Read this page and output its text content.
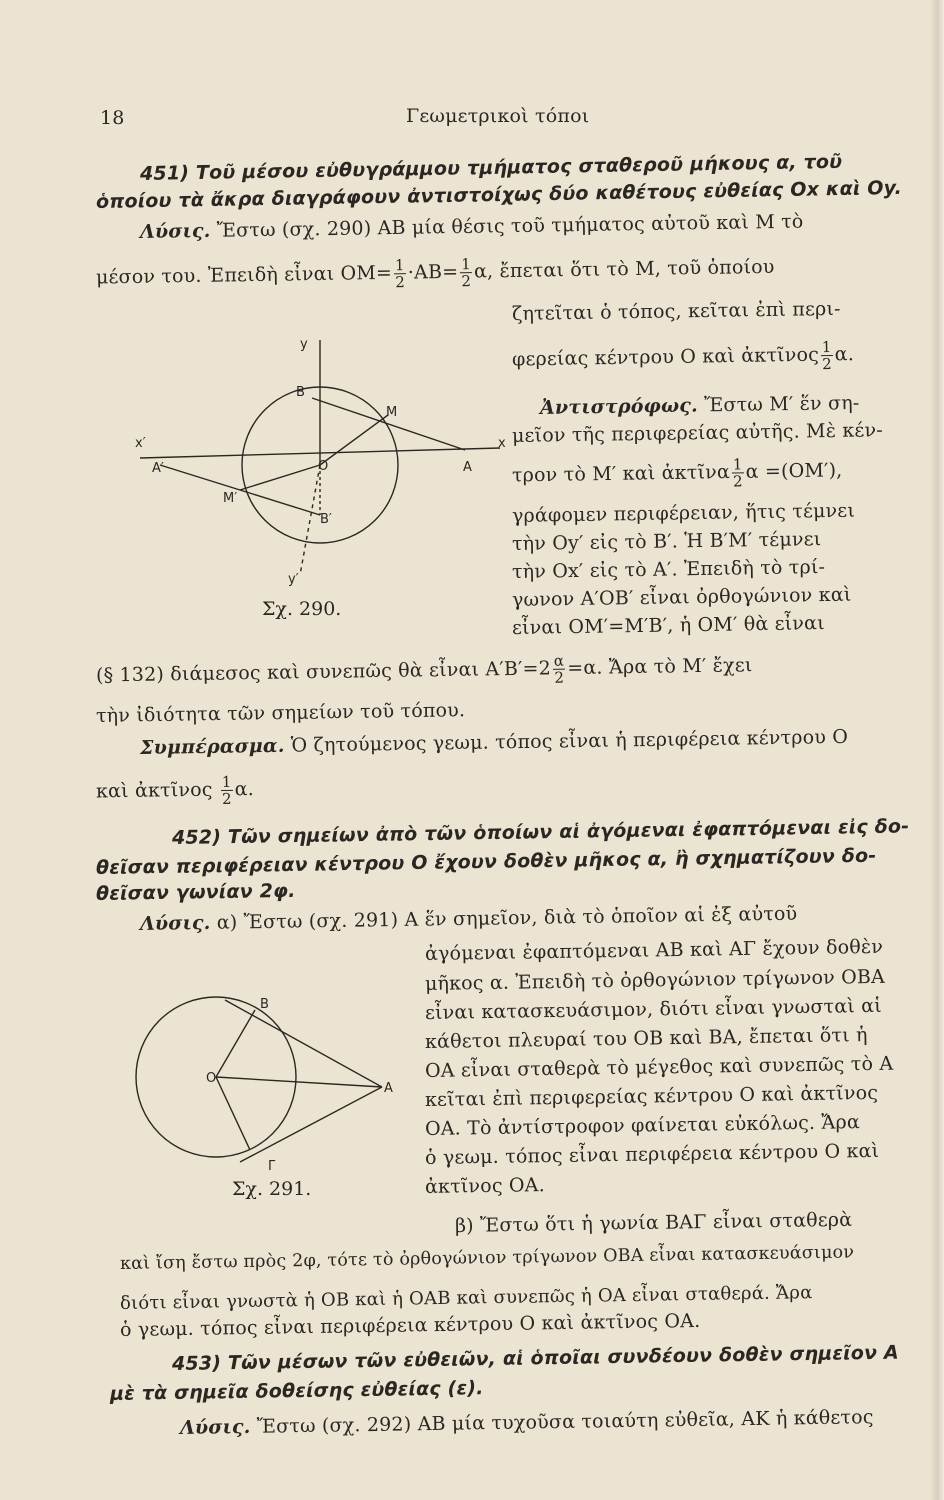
18	Γεωμετρικοὶ τόποι
451) Τοῦ μέσου εὐθυγράμμου τμήματος σταθεροῦ μήκους α, τοῦ
ὁποίου τὰ ἄκρα διαγράφουν ἀντιστοίχως δύο καθέτους εὐθείας Οx καὶ Οy.
Λύσις. Ἔστω (σχ. 290) ΑΒ μία θέσις τοῦ τμήματος αὐτοῦ καὶ Μ τὸ
μέσον του. Ἐπειδὴ εἶναι $OM= \frac{1}{2} \cdot AB= \frac{1}{2} \alpha$, ἔπεται ὅτι τὸ Μ, τοῦ ὁποίου
ζητεῖται ὁ τόπος, κεῖται ἐπὶ περι-
φερείας κέντρου Ο καὶ ἀκτῖνος $\frac{1}{2} \alpha$.
Ἀντιστρόφως. Ἔστω Μ′ ἕν ση-
μεῖον τῆς περιφερείας αὐτῆς. Μὲ κέν-
τρον τὸ Μ′ καὶ ἀκτῖνα $\frac{1}{2}$ α =(ΟΜ′),
γράφομεν περιφέρειαν, ἥτις τέμνει
τὴν Οy′ εἰς τὸ Β′. Ἡ Β′Μ′ τέμνει
τὴν Οx′ εἰς τὸ Α′. Ἐπειδὴ τὸ τρί-
γωνον Α′ΟΒ′ εἶναι ὀρθογώνιον καὶ
εἶναι ΟΜ′=Μ′Β′, ἡ ΟΜ′ θὰ εἶναι
(§ 132) διάμεσος καὶ συνεπῶς θὰ εἶναι $A'B'=2 \frac{\alpha}{2} =\alpha$. Ἄρα τὸ Μ′ ἔχει
τὴν ἰδιότητα τῶν σημείων τοῦ τόπου.
Συμπέρασμα. Ὁ ζητούμενος γεωμ. τόπος εἶναι ἡ περιφέρεια κέντρου Ο
καὶ ἀκτῖνος $\frac{1}{2} \alpha$.
y
B
M
O
x′
A′
x
A
M′
B′
y′
Σχ. 290.
452) Τῶν σημείων ἀπὸ τῶν ὁποίων αἱ ἀγόμεναι ἐφαπτόμεναι εἰς δο-
θεῖσαν περιφέρειαν κέντρου Ο ἔχουν δοθὲν μῆκος α, ἢ σχηματίζουν δο-
θεῖσαν γωνίαν 2φ.
Λύσις. α) Ἔστω (σχ. 291) Α ἕν σημεῖον, διὰ τὸ ὁποῖον αἱ ἐξ αὐτοῦ
ἀγόμεναι ἐφαπτόμεναι ΑΒ καὶ ΑΓ ἔχουν δοθὲν
μῆκος α. Ἐπειδὴ τὸ ὀρθογώνιον τρίγωνον ΟΒΑ
εἶναι κατασκευάσιμον, διότι εἶναι γνωσταὶ αἱ
κάθετοι πλευραί του ΟΒ καὶ ΒΑ, ἔπεται ὅτι ἡ
ΟΑ εἶναι σταθερὰ τὸ μέγεθος καὶ συνεπῶς τὸ Α
κεῖται ἐπὶ περιφερείας κέντρου Ο καὶ ἀκτῖνος
ΟΑ. Τὸ ἀντίστροφον φαίνεται εὐκόλως. Ἄρα
ὁ γεωμ. τόπος εἶναι περιφέρεια κέντρου Ο καὶ
ἀκτῖνος ΟΑ.
β) Ἔστω ὅτι ἡ γωνία ΒΑΓ εἶναι σταθερὰ
καὶ ἴση ἔστω πρὸς 2φ, τότε τὸ ὀρθογώνιον τρίγωνον ΟΒΑ εἶναι κατασκευάσιμον
διότι εἶναι γνωστὰ ἡ ΟΒ καὶ ἡ ΟΑΒ καὶ συνεπῶς ἡ ΟΑ εἶναι σταθερά. Ἄρα
ὁ γεωμ. τόπος εἶναι περιφέρεια κέντρου Ο καὶ ἀκτῖνος ΟΑ.
B
O
A
Γ
Σχ. 291.
453) Τῶν μέσων τῶν εὐθειῶν, αἱ ὁποῖαι συνδέουν δοθὲν σημεῖον Α
μὲ τὰ σημεῖα δοθείσης εὐθείας (ε).
Λύσις. Ἔστω (σχ. 292) ΑΒ μία τυχοῦσα τοιαύτη εὐθεῖα, ΑΚ ἡ κάθετος
